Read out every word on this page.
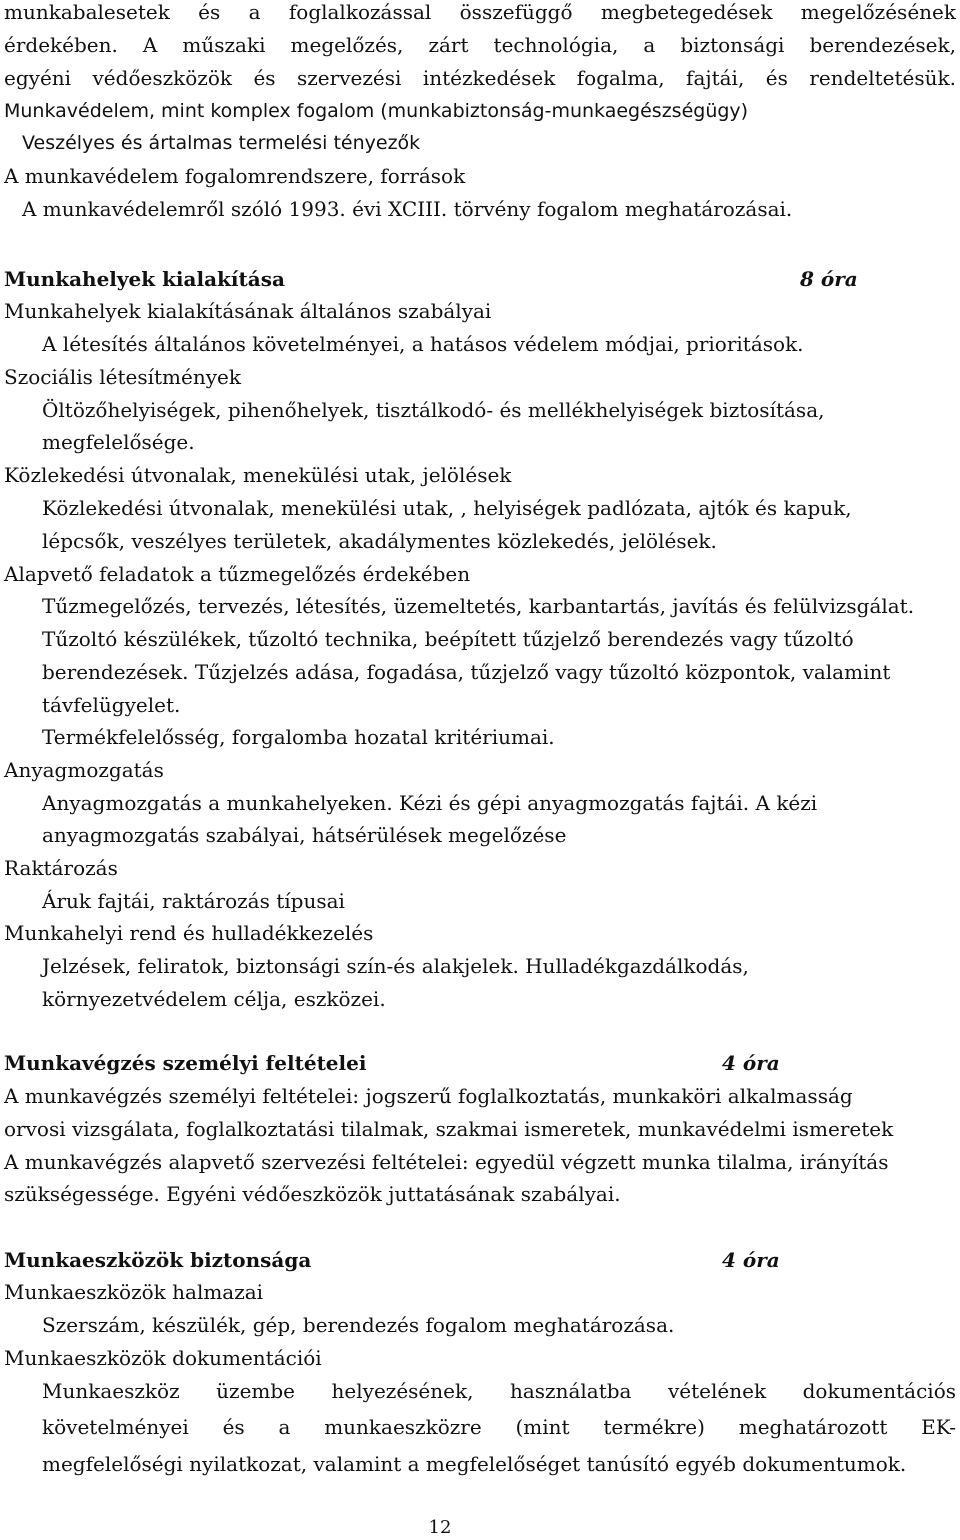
munkabalesetek és a foglalkozással összefüggő megbetegedések megelőzésének
érdekében. A műszaki megelőzés, zárt technológia, a biztonsági berendezések,
egyéni védőeszközök és szervezési intézkedések fogalma, fajtái, és rendeltetésük.
Munkavédelem, mint komplex fogalom (munkabiztonság-munkaegészségügy)
Veszélyes és ártalmas termelési tényezők
A munkavédelem fogalomrendszere, források
A munkavédelemről szóló 1993. évi XCIII. törvény fogalom meghatározásai.
Munkahelyek kialakítása	8 óra
Munkahelyek kialakításának általános szabályai
A létesítés általános követelményei, a hatásos védelem módjai, prioritások.
Szociális létesítmények
Öltözőhelyiségek, pihenőhelyek, tisztálkodó- és mellékhelyiségek biztosítása,
megfelelősége.
Közlekedési útvonalak, menekülési utak, jelölések
Közlekedési útvonalak, menekülési utak, , helyiségek padlózata, ajtók és kapuk,
lépcsők, veszélyes területek, akadálymentes közlekedés, jelölések.
Alapvető feladatok a tűzmegelőzés érdekében
Tűzmegelőzés, tervezés, létesítés, üzemeltetés, karbantartás, javítás és felülvizsgálat.
Tűzoltó készülékek, tűzoltó technika, beépített tűzjelző berendezés vagy tűzoltó
berendezések. Tűzjelzés adása, fogadása, tűzjelző vagy tűzoltó központok, valamint
távfelügyelet.
Termékfelelősség, forgalomba hozatal kritériumai.
Anyagmozgatás
Anyagmozgatás a munkahelyeken. Kézi és gépi anyagmozgatás fajtái. A kézi
anyagmozgatás szabályai, hátsérülések megelőzése
Raktározás
Áruk fajtái, raktározás típusai
Munkahelyi rend és hulladékkezelés
Jelzések, feliratok, biztonsági szín-és alakjelek. Hulladékgazdálkodás,
környezetvédelem célja, eszközei.
Munkavégzés személyi feltételei	4 óra
A munkavégzés személyi feltételei: jogszerű foglalkoztatás, munkaköri alkalmasság
orvosi vizsgálata, foglalkoztatási tilalmak, szakmai ismeretek, munkavédelmi ismeretek
A munkavégzés alapvető szervezési feltételei: egyedül végzett munka tilalma, irányítás
szükségessége. Egyéni védőeszközök juttatásának szabályai.
Munkaeszközök biztonsága	4 óra
Munkaeszközök halmazai
Szerszám, készülék, gép, berendezés fogalom meghatározása.
Munkaeszközök dokumentációi
Munkaeszköz üzembe helyezésének, használatba vételének dokumentációs
követelményei és a munkaeszközre (mint termékre) meghatározott EK-
megfelelőségi nyilatkozat, valamint a megfelelőséget tanúsító egyéb dokumentumok.
12
